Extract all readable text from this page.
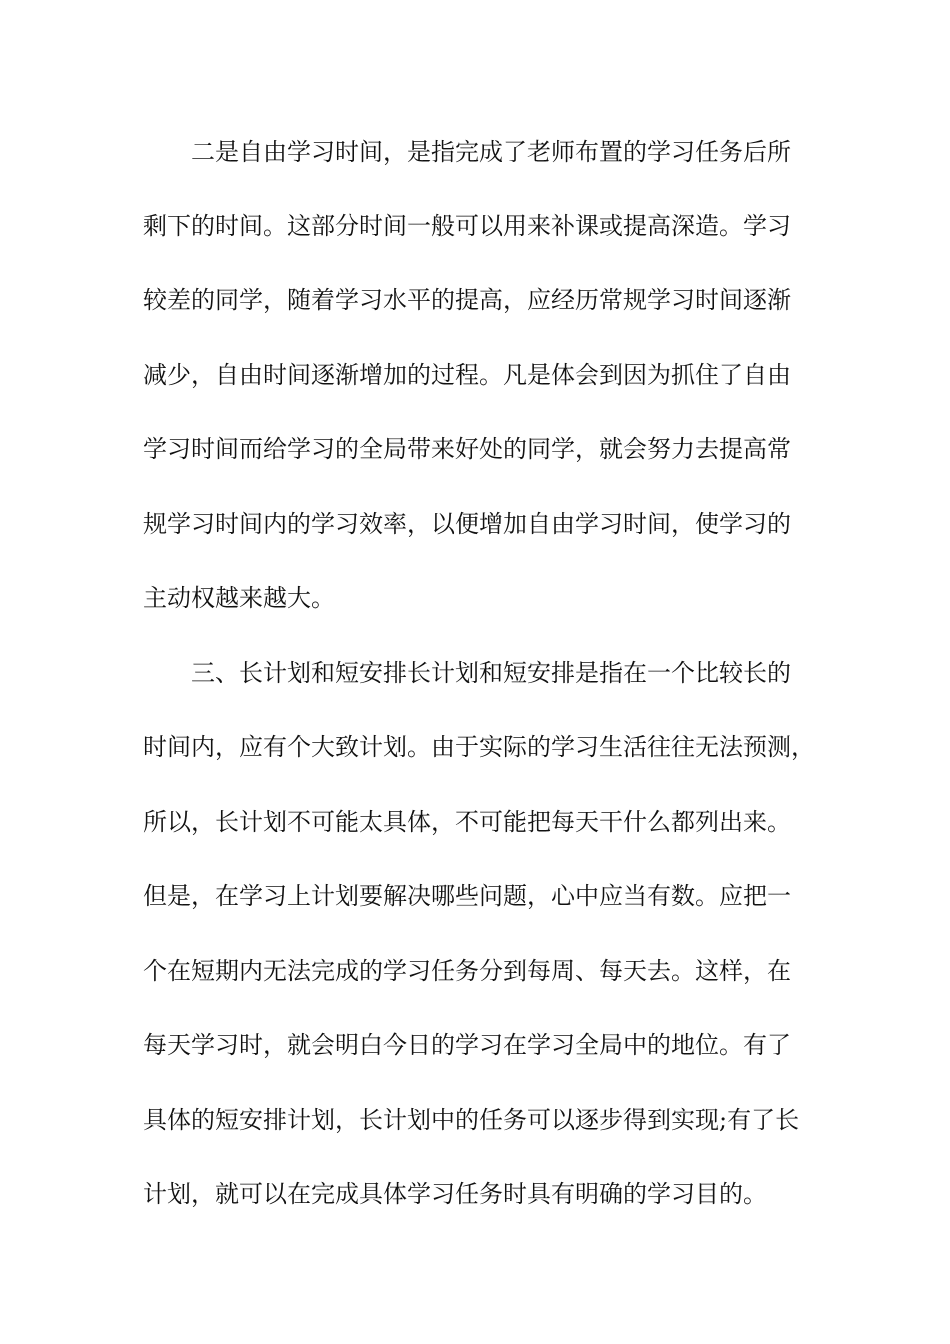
二是自由学习时间，是指完成了老师布置的学习任务后所
剩下的时间。这部分时间一般可以用来补课或提高深造。学习
较差的同学，随着学习水平的提高，应经历常规学习时间逐渐
减少，自由时间逐渐增加的过程。凡是体会到因为抓住了自由
学习时间而给学习的全局带来好处的同学，就会努力去提高常
规学习时间内的学习效率，以便增加自由学习时间，使学习的
主动权越来越大。
三、长计划和短安排长计划和短安排是指在一个比较长的
时间内，应有个大致计划。由于实际的学习生活往往无法预测，
所以，长计划不可能太具体，不可能把每天干什么都列出来。
但是，在学习上计划要解决哪些问题，心中应当有数。应把一
个在短期内无法完成的学习任务分到每周、每天去。这样，在
每天学习时，就会明白今日的学习在学习全局中的地位。有了
具体的短安排计划，长计划中的任务可以逐步得到实现;有了长
计划，就可以在完成具体学习任务时具有明确的学习目的。
